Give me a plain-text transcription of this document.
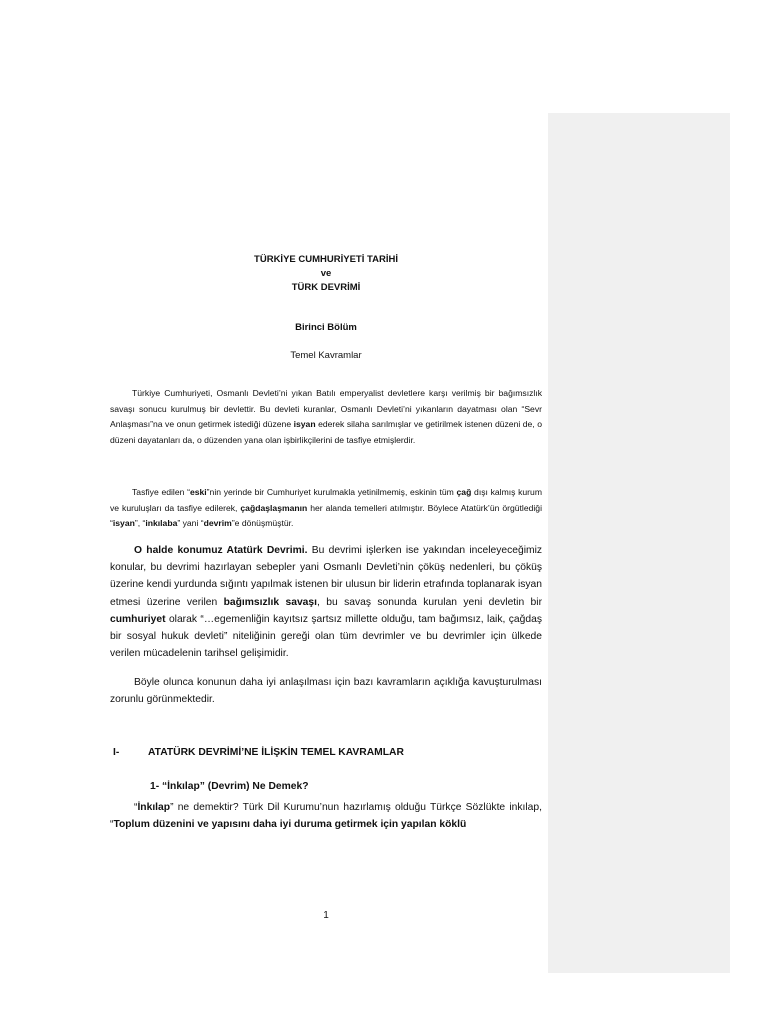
TÜRKİYE CUMHURİYETİ TARİHİ
ve
TÜRK DEVRİMİ
Birinci Bölüm
Temel Kavramlar

Türkiye Cumhuriyeti, Osmanlı Devleti’ni yıkan Batılı emperyalist devletlere karşı verilmiş bir bağımsızlık savaşı sonucu kurulmuş bir devlettir. Bu devleti kuranlar, Osmanlı Devleti’ni yıkanların dayatması olan “Sevr Anlaşması”na ve onun getirmek istediği düzene isyan ederek silaha sarılmışlar ve getirilmek istenen düzeni de, o düzeni dayatanları da, o düzenden yana olan işbirlikçilerini de tasfiye etmişlerdir.

Tasfiye edilen “eski”nin yerinde bir Cumhuriyet kurulmakla yetinilmemiş, eskinin tüm çağ dışı kalmış kurum ve kuruluşları da tasfiye edilerek, çağdaşlaşmanın her alanda temelleri atılmıştır. Böylece Atatürk’ün örgütlediği “isyan”, “inkılaba” yani “devrim”e dönüşmüştür.

O halde konumuz Atatürk Devrimi. Bu devrimi işlerken ise yakından inceleyeceğimiz konular, bu devrimi hazırlayan sebepler yani Osmanlı Devleti’nin çöküş nedenleri, bu çöküş üzerine kendi yurdunda sığıntı yapılmak istenen bir ulusun bir liderin etrafında toplanarak isyan etmesi üzerine verilen bağımsızlık savaşı, bu savaş sonunda kurulan yeni devletin bir cumhuriyet olarak “…egemenliğin kayıtsız şartsız millette olduğu, tam bağımsız, laik, çağdaş bir sosyal hukuk devleti” niteliğinin gereği olan tüm devrimler ve bu devrimler için ülkede verilen mücadelenin tarihsel gelişimidir.

Böyle olunca konunun daha iyi anlaşılması için bazı kavramların açıklığa kavuşturulması zorunlu görünmektedir.

I-	ATATÜRK DEVRİMİ’NE İLİŞKİN TEMEL KAVRAMLAR
1- “İnkılap” (Devrim) Ne Demek?

“İnkılap” ne demektir? Türk Dil Kurumu’nun hazırlamış olduğu Türkçe Sözlükte inkılap, “Toplum düzenini ve yapısını daha iyi duruma getirmek için yapılan köklü

1
